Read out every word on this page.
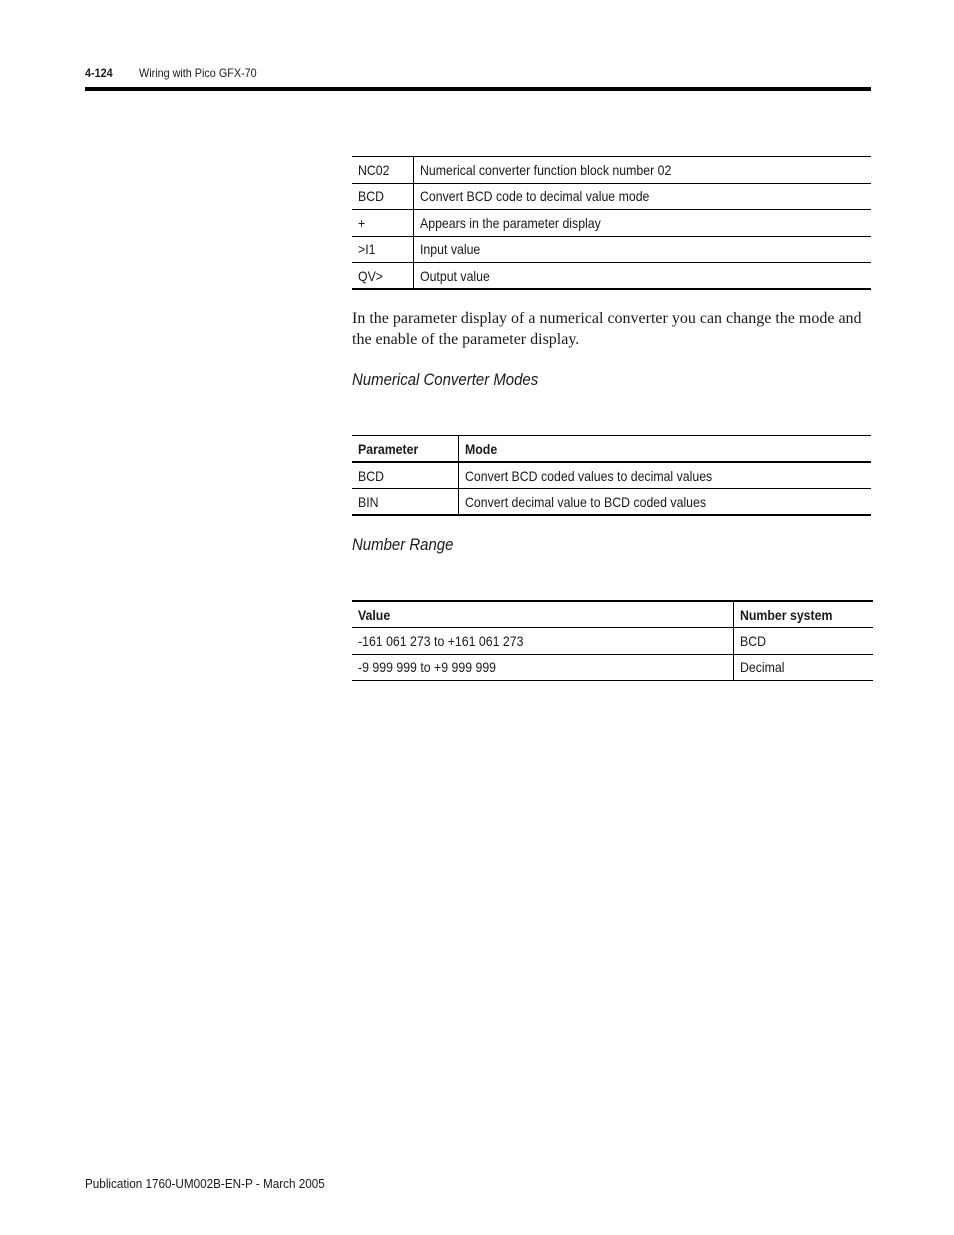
4-124 Wiring with Pico GFX-70
NC02	Numerical converter function block number 02
BCD	Convert BCD code to decimal value mode
+	Appears in the parameter display
>I1	Input value
QV>	Output value

In the parameter display of a numerical converter you can change the mode and the enable of the parameter display.

Numerical Converter Modes
Parameter	Mode
BCD	Convert BCD coded values to decimal values
BIN	Convert decimal value to BCD coded values
Number Range
Value	Number system
-161 061 273 to +161 061 273	BCD
-9 999 999 to +9 999 999	Decimal
Publication 1760-UM002B-EN-P - March 2005
